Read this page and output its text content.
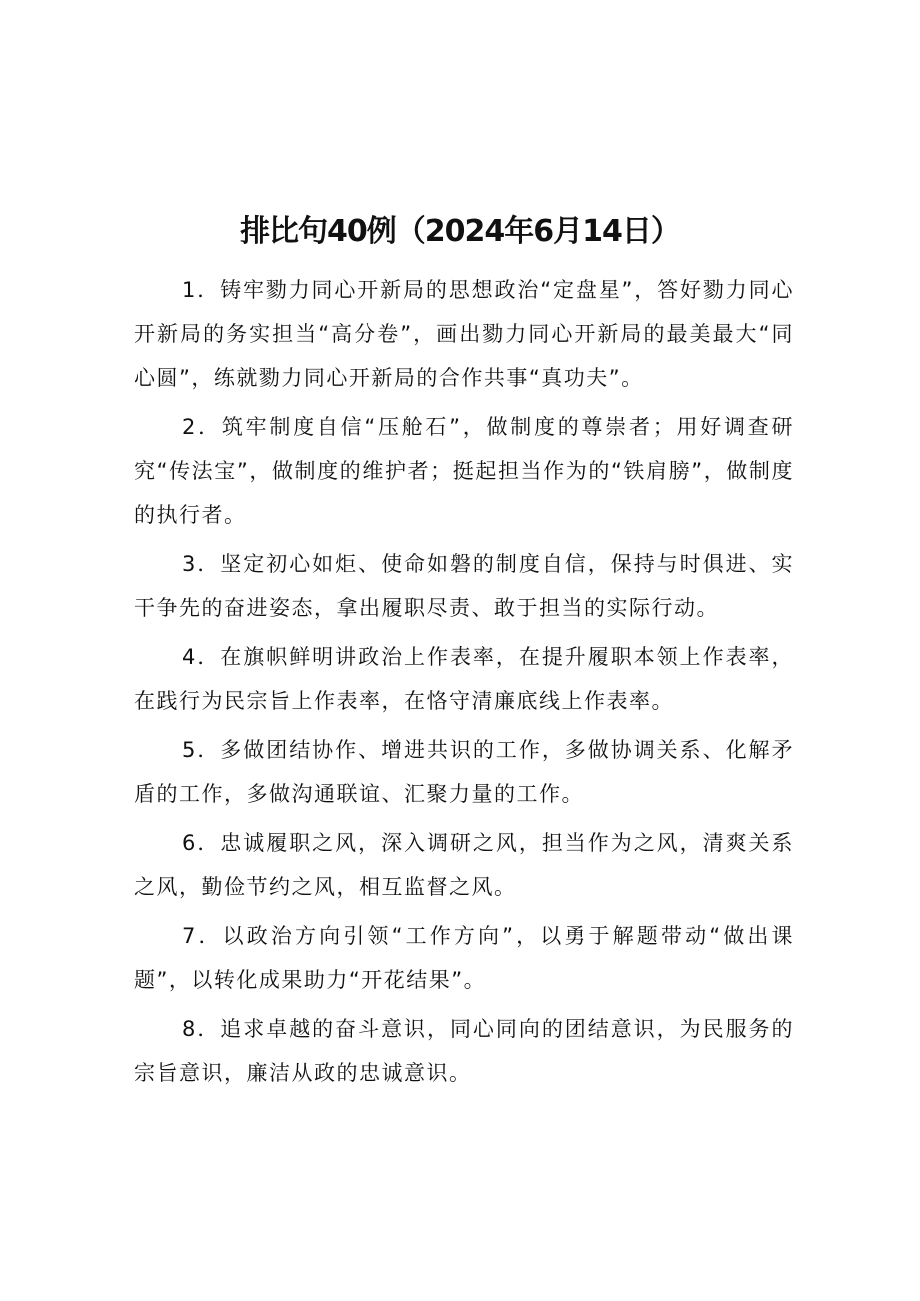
排比句40例（2024年6月14日）

1．铸牢勠力同心开新局的思想政治“定盘星”，答好勠力同心开新局的务实担当“高分卷”，画出勠力同心开新局的最美最大“同心圆”，练就勠力同心开新局的合作共事“真功夫”。

2．筑牢制度自信“压舱石”，做制度的尊崇者；用好调查研究“传法宝”，做制度的维护者；挺起担当作为的“铁肩膀”，做制度的执行者。

3．坚定初心如炬、使命如磐的制度自信，保持与时俱进、实干争先的奋进姿态，拿出履职尽责、敢于担当的实际行动。

4．在旗帜鲜明讲政治上作表率，在提升履职本领上作表率，在践行为民宗旨上作表率，在恪守清廉底线上作表率。

5．多做团结协作、增进共识的工作，多做协调关系、化解矛盾的工作，多做沟通联谊、汇聚力量的工作。

6．忠诚履职之风，深入调研之风，担当作为之风，清爽关系之风，勤俭节约之风，相互监督之风。

7．以政治方向引领“工作方向”，以勇于解题带动“做出课题”，以转化成果助力“开花结果”。

8．追求卓越的奋斗意识，同心同向的团结意识，为民服务的宗旨意识，廉洁从政的忠诚意识。
